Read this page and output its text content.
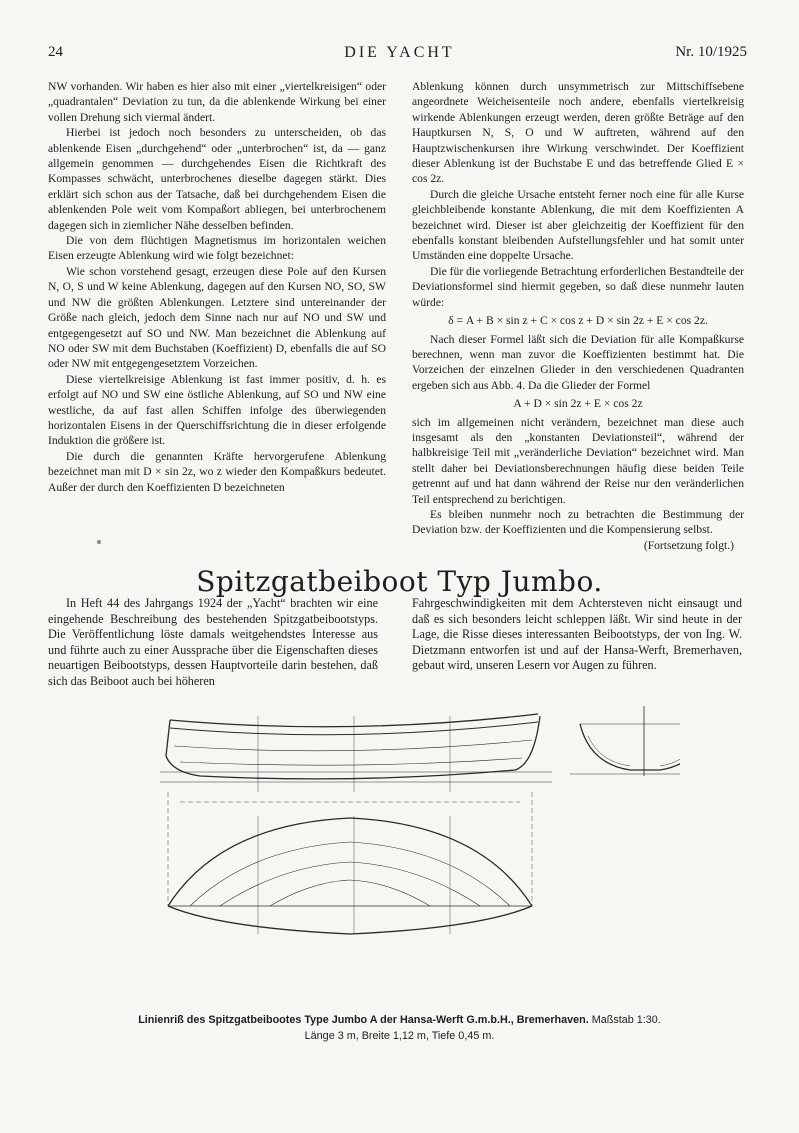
24	DIE YACHT	Nr. 10/1925

NW vorhanden. Wir haben es hier also mit einer „viertelkreisigen“ oder „quadrantalen“ Deviation zu tun, da die ablenkende Wirkung bei einer vollen Drehung sich viermal ändert.

Hierbei ist jedoch noch besonders zu unterscheiden, ob das ablenkende Eisen „durchgehend“ oder „unterbrochen“ ist, da — ganz allgemein genommen — durchgehendes Eisen die Richtkraft des Kompasses schwächt, unterbrochenes dieselbe dagegen stärkt. Dies erklärt sich schon aus der Tatsache, daß bei durchgehendem Eisen die ablenkenden Pole weit vom Kompaßort abliegen, bei unterbrochenem dagegen sich in ziemlicher Nähe desselben befinden.

Die von dem flüchtigen Magnetismus im horizontalen weichen Eisen erzeugte Ablenkung wird wie folgt bezeichnet:

Wie schon vorstehend gesagt, erzeugen diese Pole auf den Kursen N, O, S und W keine Ablenkung, dagegen auf den Kursen NO, SO, SW und NW die größten Ablenkungen. Letztere sind untereinander der Größe nach gleich, jedoch dem Sinne nach nur auf NO und SW und entgegengesetzt auf SO und NW. Man bezeichnet die Ablenkung auf NO oder SW mit dem Buchstaben (Koeffizient) D, ebenfalls die auf SO oder NW mit entgegengesetztem Vorzeichen.

Diese viertelkreisige Ablenkung ist fast immer positiv, d. h. es erfolgt auf NO und SW eine östliche Ablenkung, auf SO und NW eine westliche, da auf fast allen Schiffen infolge des überwiegenden horizontalen Eisens in der Querschiffsrichtung die in dieser erfolgende Induktion die größere ist.

Die durch die genannten Kräfte hervorgerufene Ablenkung bezeichnet man mit D × sin 2z, wo z wieder den Kompaßkurs bedeutet. Außer der durch den Koeffizienten D bezeichneten

Ablenkung können durch unsymmetrisch zur Mittschiffsebene angeordnete Weicheisenteile noch andere, ebenfalls viertelkreisig wirkende Ablenkungen erzeugt werden, deren größte Beträge auf den Hauptkursen N, S, O und W auftreten, während auf den Hauptzwischenkursen ihre Wirkung verschwindet. Der Koeffizient dieser Ablenkung ist der Buchstabe E und das betreffende Glied E × cos 2z.

Durch die gleiche Ursache entsteht ferner noch eine für alle Kurse gleichbleibende konstante Ablenkung, die mit dem Koeffizienten A bezeichnet wird. Dieser ist aber gleichzeitig der Koeffizient für den ebenfalls konstant bleibenden Aufstellungsfehler und hat somit unter Umständen eine doppelte Ursache.

Die für die vorliegende Betrachtung erforderlichen Bestandteile der Deviationsformel sind hiermit gegeben, so daß diese nunmehr lauten würde:

δ = A + B × sin z + C × cos z + D × sin 2z + E × cos 2z.

Nach dieser Formel läßt sich die Deviation für alle Kompaßkurse berechnen, wenn man zuvor die Koeffizienten bestimmt hat. Die Vorzeichen der einzelnen Glieder in den verschiedenen Quadranten ergeben sich aus Abb. 4. Da die Glieder der Formel

A + D × sin 2z + E × cos 2z

sich im allgemeinen nicht verändern, bezeichnet man diese auch insgesamt als den „konstanten Deviationsteil“, während der halbkreisige Teil mit „veränderliche Deviation“ bezeichnet wird. Man stellt daher bei Deviationsberechnungen häufig diese beiden Teile getrennt auf und hat dann während der Reise nur den veränderlichen Teil entsprechend zu berichtigen.

Es bleiben nunmehr noch zu betrachten die Bestimmung der Deviation bzw. der Koeffizienten und die Kompensierung selbst.

(Fortsetzung folgt.)

Spitzgatbeiboot Typ Jumbo.

In Heft 44 des Jahrgangs 1924 der „Yacht“ brachten wir eine eingehende Beschreibung des bestehenden Spitzgatbeibootstyps. Die Veröffentlichung löste damals weitgehendstes Interesse aus und führte auch zu einer Aussprache über die Eigenschaften dieses neuartigen Beibootstyps, dessen Hauptvorteile darin bestehen, daß sich das Beiboot auch bei höheren

Fahrgeschwindigkeiten mit dem Achtersteven nicht einsaugt und daß es sich besonders leicht schleppen läßt. Wir sind heute in der Lage, die Risse dieses interessanten Beibootstyps, der von Ing. W. Dietzmann entworfen ist und auf der Hansa-Werft, Bremerhaven, gebaut wird, unseren Lesern vor Augen zu führen.

Linienriß des Spitzgatbeibootes Type Jumbo A der Hansa-Werft G.m.b.H., Bremerhaven. Maßstab 1:30.
Länge 3 m, Breite 1,12 m, Tiefe 0,45 m.
